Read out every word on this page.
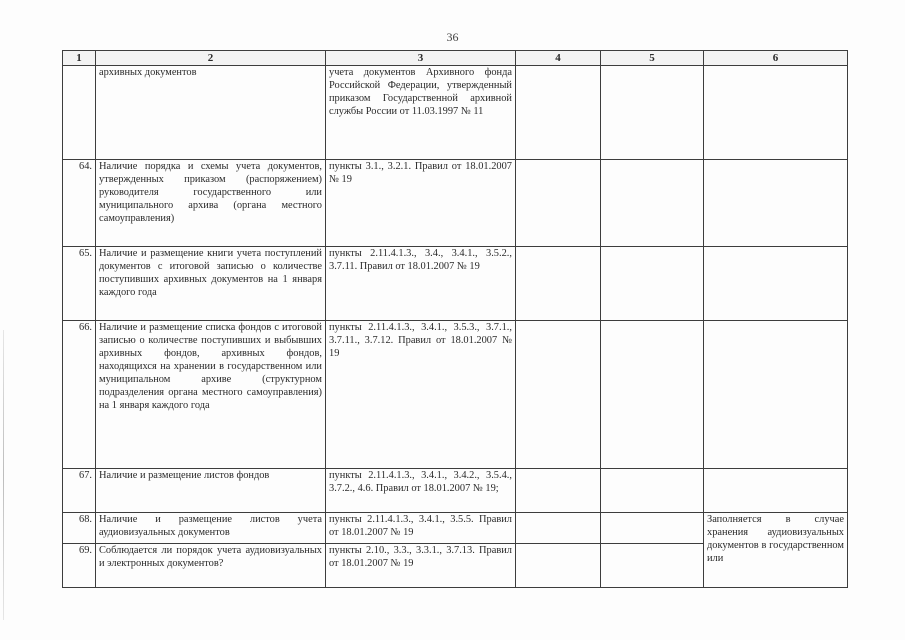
36
1	2	3	4	5	6
	архивных документов	учета документов Архивного фонда Российской Федерации, утвержденный приказом Государственной архивной службы России от 11.03.1997 № 11			
64.	Наличие порядка и схемы учета документов, утвержденных приказом (распоряжением) руководителя государственного или муниципального архива (органа местного самоуправления)	пункты 3.1., 3.2.1. Правил от 18.01.2007 № 19			
65.	Наличие и размещение книги учета поступлений документов с итоговой записью о количестве поступивших архивных документов на 1 января каждого года	пункты 2.11.4.1.3., 3.4., 3.4.1., 3.5.2., 3.7.11. Правил от 18.01.2007 № 19			
66.	Наличие и размещение списка фондов с итоговой записью о количестве поступивших и выбывших архивных фондов, архивных фондов, находящихся на хранении в государственном или муниципальном архиве (структурном подразделения органа местного самоуправления) на 1 января каждого года	пункты 2.11.4.1.3., 3.4.1., 3.5.3., 3.7.1., 3.7.11., 3.7.12. Правил от 18.01.2007 № 19			
67.	Наличие и размещение листов фондов	пункты 2.11.4.1.3., 3.4.1., 3.4.2., 3.5.4., 3.7.2., 4.6. Правил от 18.01.2007 № 19;			
68.	Наличие и размещение листов учета аудиовизуальных документов	пункты 2.11.4.1.3., 3.4.1., 3.5.5. Правил от 18.01.2007 № 19			Заполняется в случае хранения аудиовизуальных документов в государственном или
69.	Соблюдается ли порядок учета аудиовизуальных и электронных документов?	пункты 2.10., 3.3., 3.3.1., 3.7.13. Правил от 18.01.2007 № 19			
